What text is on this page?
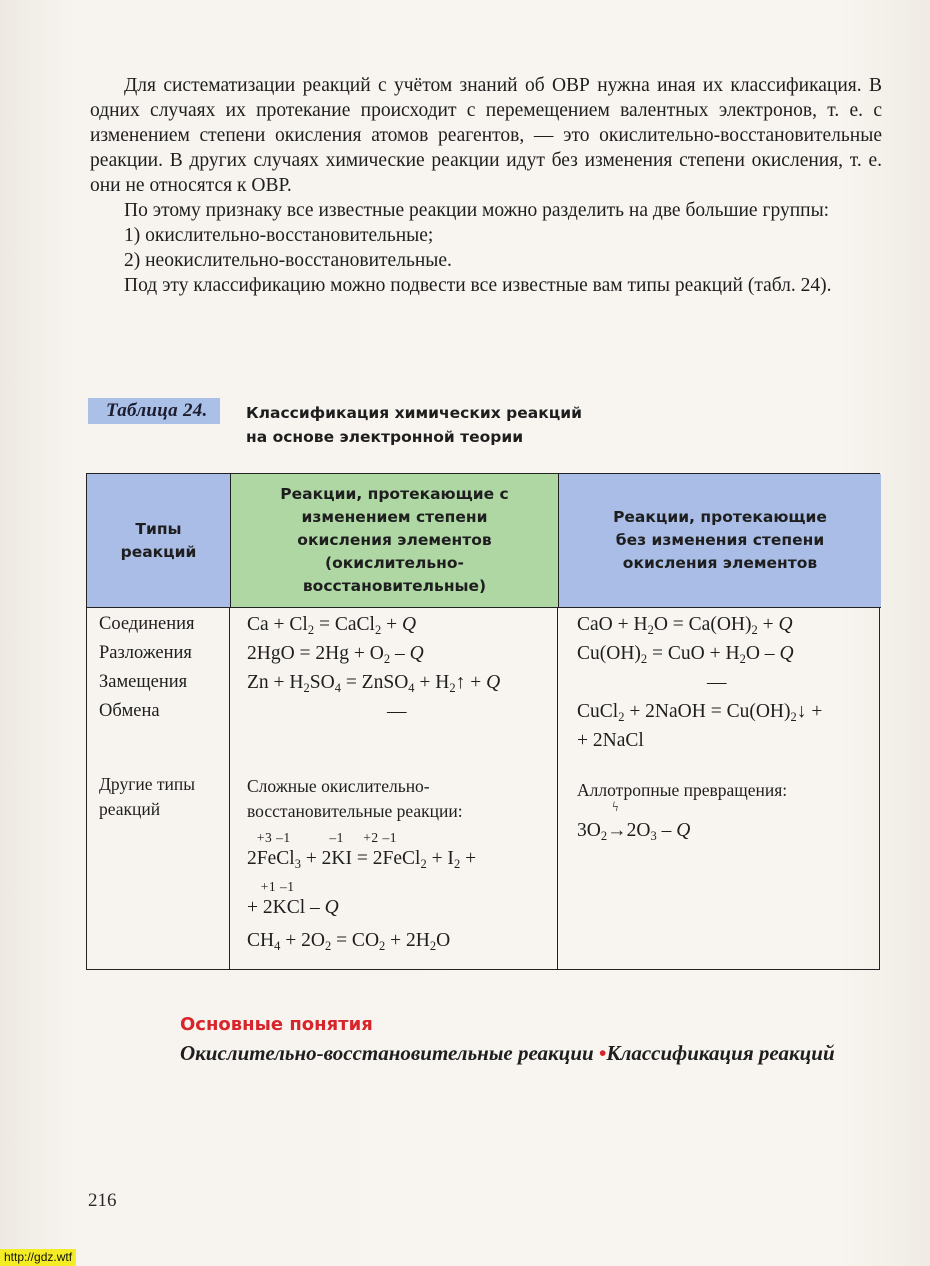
Для систематизации реакций с учётом знаний об ОВР нужна иная их классификация. В одних случаях их протекание происходит с перемещением валентных электронов, т. е. с изменением степени окисления атомов реагентов, — это окислительно-восстановительные реакции. В других случаях химические реакции идут без изменения степени окисления, т. е. они не относятся к ОВР.

По этому признаку все известные реакции можно разделить на две большие группы:

1) окислительно-восстановительные;

2) неокислительно-восстановительные.

Под эту классификацию можно подвести все известные вам типы реакций (табл. 24).

Таблица 24.	Классификация химических реакций
на основе электронной теории
Типы реакций
Реакции, протекающие с изменением степени окисления элементов (окислительно-восстановительные)
Реакции, протекающие без изменения степени окисления элементов
Соединения
Разложения
Замещения
Обмена
Другие типы реакций
$Ca + Cl_2$ = CaCl$_2$ + Q
$2HgO = 2Hg + O_2 - Q$
$Zn + H_2SO_4$ = ZnSO$_4$ + $H_2↑ + Q$
—
Сложные окислительно-восстановительные реакции:
+3 –1          –1     +2 –1
2FeCl$_3$ + 2KI = 2FeCl$_2$ + $I_2$ +
+1 –1
+ 2KCl – Q
$CH_4 + 2O_2 = CO_2 + 2H_2O$
CaO + $H_2O = Ca(OH)_2 + Q$
$Cu(OH)_2$ = CuO + $H_2O$ – Q
—
CuCl$_2$ + 2NaOH = $Cu(OH)_2↓$ +
+ 2NaCl
Аллотропные превращения:
$3O_2$
ϟ
$\to 2O_3 - Q$
Основные понятия
Окислительно-восстановительные реакции •Классификация реакций
216
http://gdz.wtf
